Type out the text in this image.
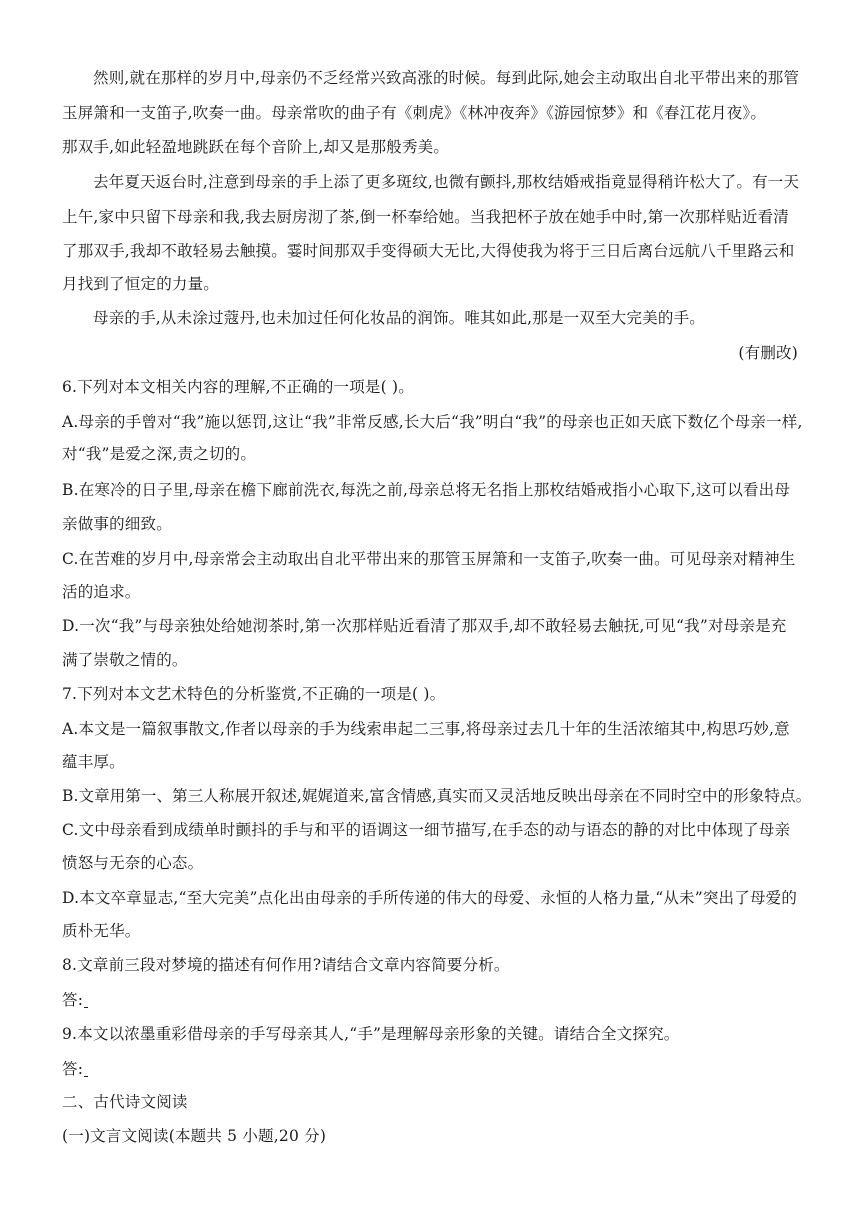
然则,就在那样的岁月中,母亲仍不乏经常兴致高涨的时候。每到此际,她会主动取出自北平带出来的那管
玉屏箫和一支笛子,吹奏一曲。母亲常吹的曲子有《刺虎》《林冲夜奔》《游园惊梦》和《春江花月夜》。
那双手,如此轻盈地跳跃在每个音阶上,却又是那般秀美。
去年夏天返台时,注意到母亲的手上添了更多斑纹,也微有颤抖,那枚结婚戒指竟显得稍许松大了。有一天
上午,家中只留下母亲和我,我去厨房沏了茶,倒一杯奉给她。当我把杯子放在她手中时,第一次那样贴近看清
了那双手,我却不敢轻易去触摸。霎时间那双手变得硕大无比,大得使我为将于三日后离台远航八千里路云和
月找到了恒定的力量。
母亲的手,从未涂过蔻丹,也未加过任何化妆品的润饰。唯其如此,那是一双至大完美的手。
(有删改)
6.下列对本文相关内容的理解,不正确的一项是( )。
A.母亲的手曾对“我”施以惩罚,这让“我”非常反感,长大后“我”明白“我”的母亲也正如天底下数亿个母亲一样,
对“我”是爱之深,责之切的。
B.在寒冷的日子里,母亲在檐下廊前洗衣,每洗之前,母亲总将无名指上那枚结婚戒指小心取下,这可以看出母
亲做事的细致。
C.在苦难的岁月中,母亲常会主动取出自北平带出来的那管玉屏箫和一支笛子,吹奏一曲。可见母亲对精神生
活的追求。
D.一次“我”与母亲独处给她沏茶时,第一次那样贴近看清了那双手,却不敢轻易去触抚,可见“我”对母亲是充
满了崇敬之情的。
7.下列对本文艺术特色的分析鉴赏,不正确的一项是( )。
A.本文是一篇叙事散文,作者以母亲的手为线索串起二三事,将母亲过去几十年的生活浓缩其中,构思巧妙,意
蕴丰厚。
B.文章用第一、第三人称展开叙述,娓娓道来,富含情感,真实而又灵活地反映出母亲在不同时空中的形象特点。
C.文中母亲看到成绩单时颤抖的手与和平的语调这一细节描写,在手态的动与语态的静的对比中体现了母亲
愤怒与无奈的心态。
D.本文卒章显志,“至大完美”点化出由母亲的手所传递的伟大的母爱、永恒的人格力量,“从未”突出了母爱的
质朴无华。
8.文章前三段对梦境的描述有何作用?请结合文章内容简要分析。
答:
9.本文以浓墨重彩借母亲的手写母亲其人,“手”是理解母亲形象的关键。请结合全文探究。
答:
二、古代诗文阅读
(一)文言文阅读(本题共 5 小题,20 分)
